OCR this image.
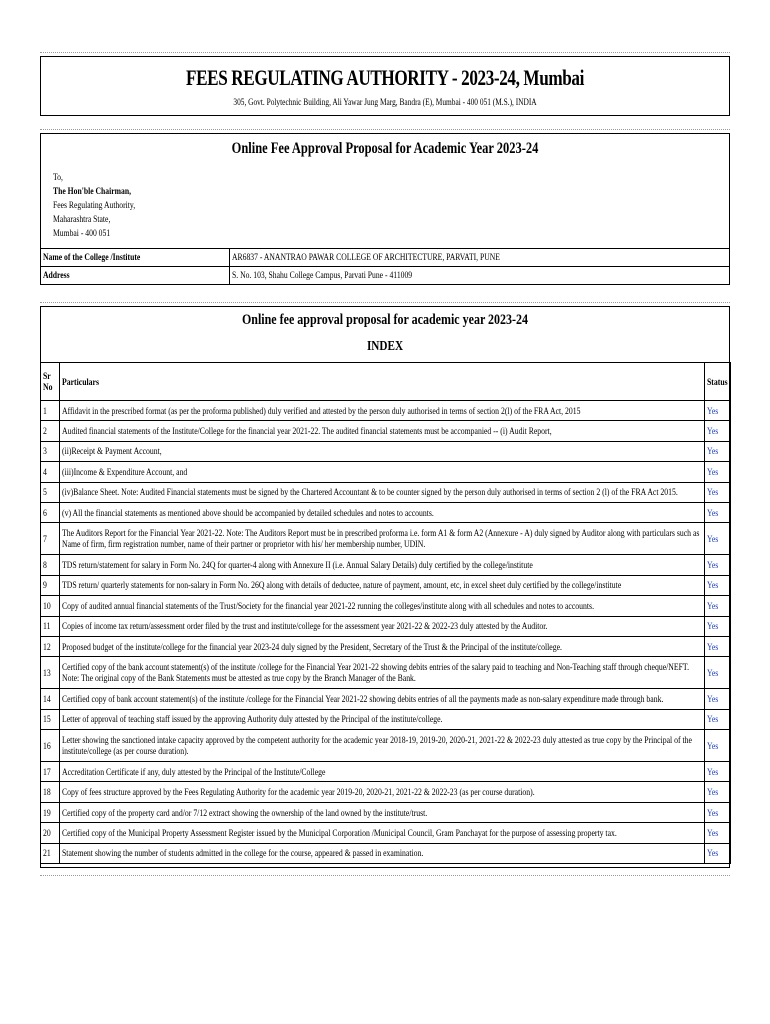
FEES REGULATING AUTHORITY - 2023-24, Mumbai
305, Govt. Polytechnic Building, Ali Yawar Jung Marg, Bandra (E), Mumbai - 400 051 (M.S.), INDIA
Online Fee Approval Proposal for Academic Year 2023-24
To,
The Hon'ble Chairman,
Fees Regulating Authority,
Maharashtra State,
Mumbai - 400 051
Name of the College /Institute	AR6837 - ANANTRAO PAWAR COLLEGE OF ARCHITECTURE, PARVATI, PUNE
Address	S. No. 103, Shahu College Campus, Parvati Pune - 411009
Online fee approval proposal for academic year 2023-24
INDEX
Sr No	Particulars	Status
1	Affidavit in the prescribed format (as per the proforma published) duly verified and attested by the person duly authorised in terms of section 2(l) of the FRA Act, 2015	Yes
2	Audited financial statements of the Institute/College for the financial year 2021-22. The audited financial statements must be accompanied -- (i) Audit Report,	Yes
3	(ii)Receipt & Payment Account,	Yes
4	(iii)Income & Expenditure Account, and	Yes
5	(iv)Balance Sheet. Note: Audited Financial statements must be signed by the Chartered Accountant & to be counter signed by the person duly authorised in terms of section 2 (l) of the FRA Act 2015.	Yes
6	(v) All the financial statements as mentioned above should be accompanied by detailed schedules and notes to accounts.	Yes
7	The Auditors Report for the Financial Year 2021-22. Note: The Auditors Report must be in prescribed proforma i.e. form A1 & form A2 (Annexure - A) duly signed by Auditor along with particulars such as Name of firm, firm registration number, name of their partner or proprietor with his/ her membership number, UDIN.	Yes
8	TDS return/statement for salary in Form No. 24Q for quarter-4 along with Annexure II (i.e. Annual Salary Details) duly certified by the college/institute	Yes
9	TDS return/ quarterly statements for non-salary in Form No. 26Q along with details of deductee, nature of payment, amount, etc, in excel sheet duly certified by the college/institute	Yes
10	Copy of audited annual financial statements of the Trust/Society for the financial year 2021-22 running the colleges/institute along with all schedules and notes to accounts.	Yes
11	Copies of income tax return/assessment order filed by the trust and institute/college for the assessment year 2021-22 & 2022-23 duly attested by the Auditor.	Yes
12	Proposed budget of the institute/college for the financial year 2023-24 duly signed by the President, Secretary of the Trust & the Principal of the institute/college.	Yes
13	Certified copy of the bank account statement(s) of the institute /college for the Financial Year 2021-22 showing debits entries of the salary paid to teaching and Non-Teaching staff through cheque/NEFT. Note: The original copy of the Bank Statements must be attested as true copy by the Branch Manager of the Bank.	Yes
14	Certified copy of bank account statement(s) of the institute /college for the Financial Year 2021-22 showing debits entries of all the payments made as non-salary expenditure made through bank.	Yes
15	Letter of approval of teaching staff issued by the approving Authority duly attested by the Principal of the institute/college.	Yes
16	Letter showing the sanctioned intake capacity approved by the competent authority for the academic year 2018-19, 2019-20, 2020-21, 2021-22 & 2022-23 duly attested as true copy by the Principal of the institute/college (as per course duration).	Yes
17	Accreditation Certificate if any, duly attested by the Principal of the Institute/College	Yes
18	Copy of fees structure approved by the Fees Regulating Authority for the academic year 2019-20, 2020-21, 2021-22 & 2022-23 (as per course duration).	Yes
19	Certified copy of the property card and/or 7/12 extract showing the ownership of the land owned by the institute/trust.	Yes
20	Certified copy of the Municipal Property Assessment Register issued by the Municipal Corporation /Municipal Council, Gram Panchayat for the purpose of assessing property tax.	Yes
21	Statement showing the number of students admitted in the college for the course, appeared & passed in examination.	Yes
